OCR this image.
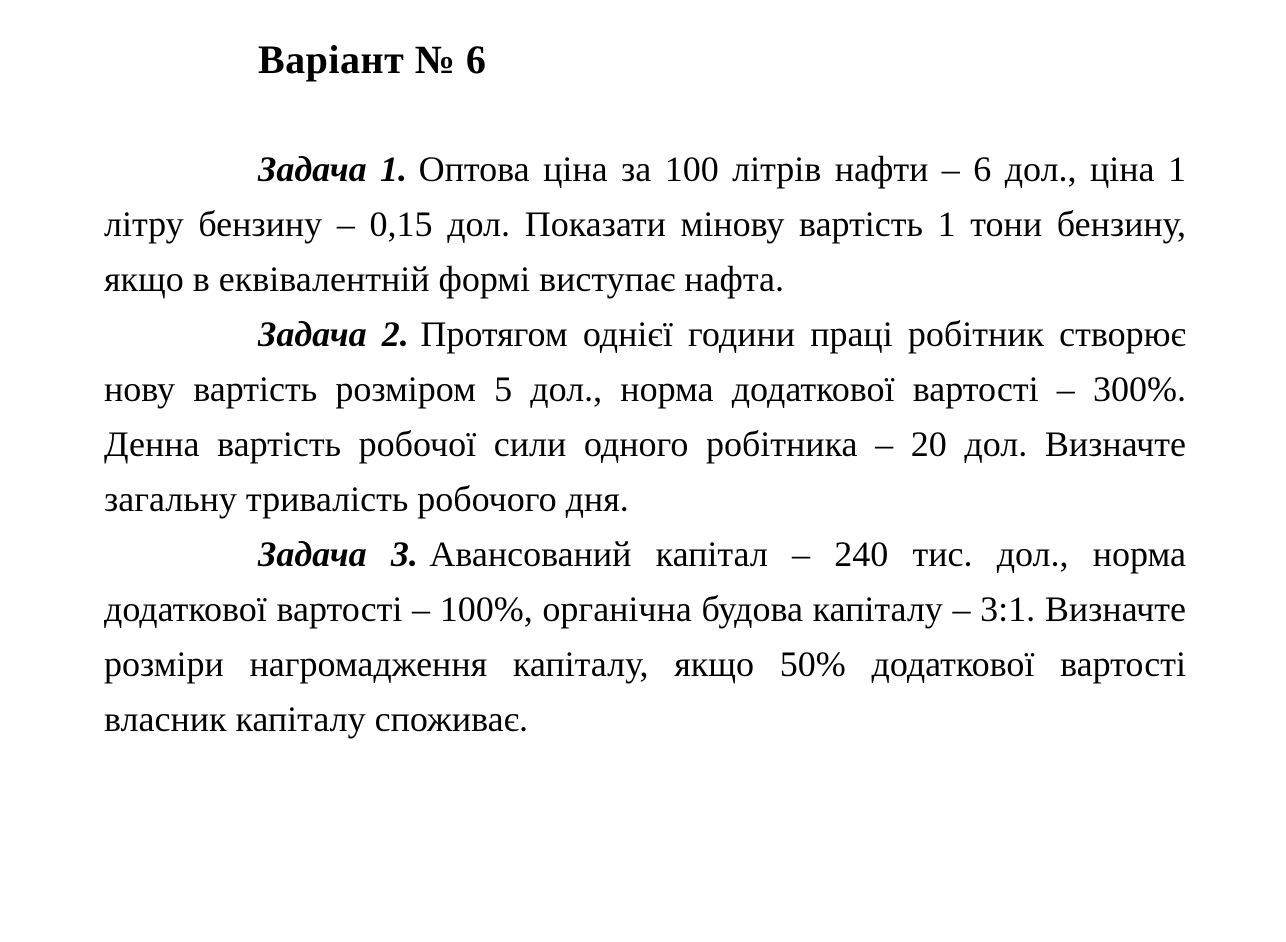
Варіант № 6

Задача 1. Оптова ціна за 100 літрів нафти – 6 дол., ціна 1 літру бензину – 0,15 дол. Показати мінову вартість 1 тони бензину, якщо в еквівалентній формі виступає нафта.

Задача 2. Протягом однієї години праці робітник створює нову вартість розміром 5 дол., норма додаткової вартості – 300%. Денна вартість робочої сили одного робітника – 20 дол. Визначте загальну тривалість робочого дня.

Задача 3. Авансований капітал – 240 тис. дол., норма додаткової вартості – 100%, органічна будова капіталу – 3:1. Визначте розміри нагромадження капіталу, якщо 50% додаткової вартості власник капіталу споживає.
